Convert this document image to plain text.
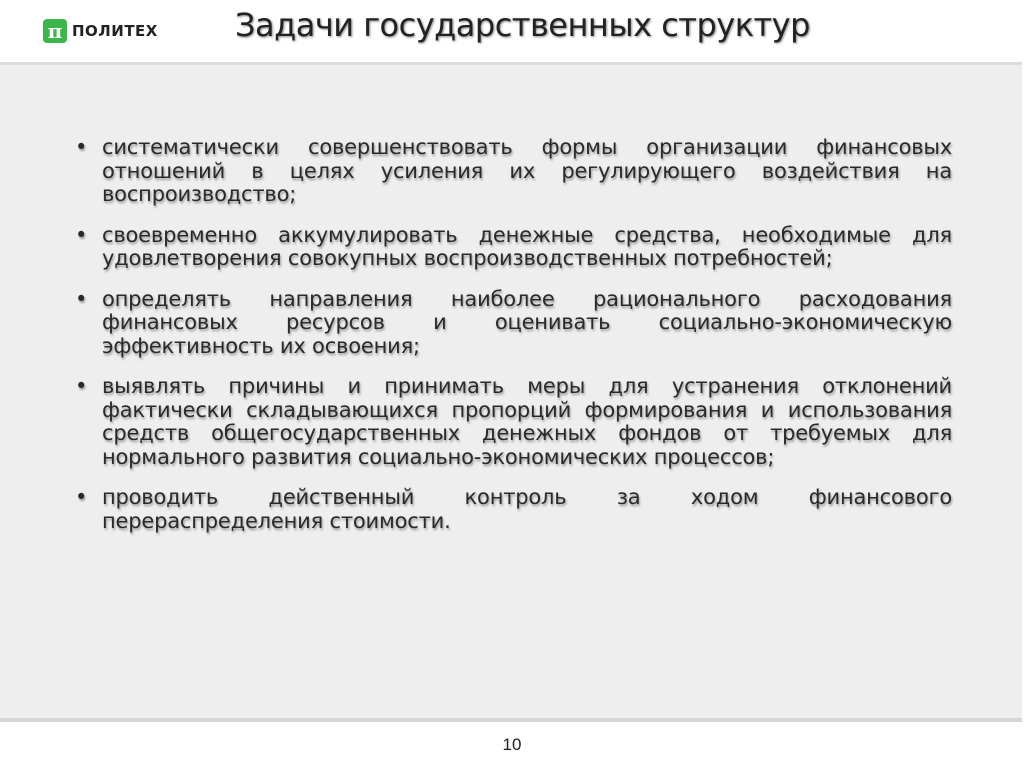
π ПОЛИТЕХ Задачи государственных структур
• систематически совершенствовать формы организации финансовых отношений в целях усиления их регулирующего воздействия на воспроизводство;
• своевременно аккумулировать денежные средства, необходимые для удовлетворения совокупных воспроизводственных потребностей;
• определять направления наиболее рационального расходования финансовых ресурсов и оценивать социально-экономическую эффективность их освоения;
• выявлять причины и принимать меры для устранения отклонений фактически складывающихся пропорций формирования и использования средств общегосударственных денежных фондов от требуемых для нормального развития социально-экономических процессов;
• проводить действенный контроль за ходом финансового перераспределения стоимости.
10
